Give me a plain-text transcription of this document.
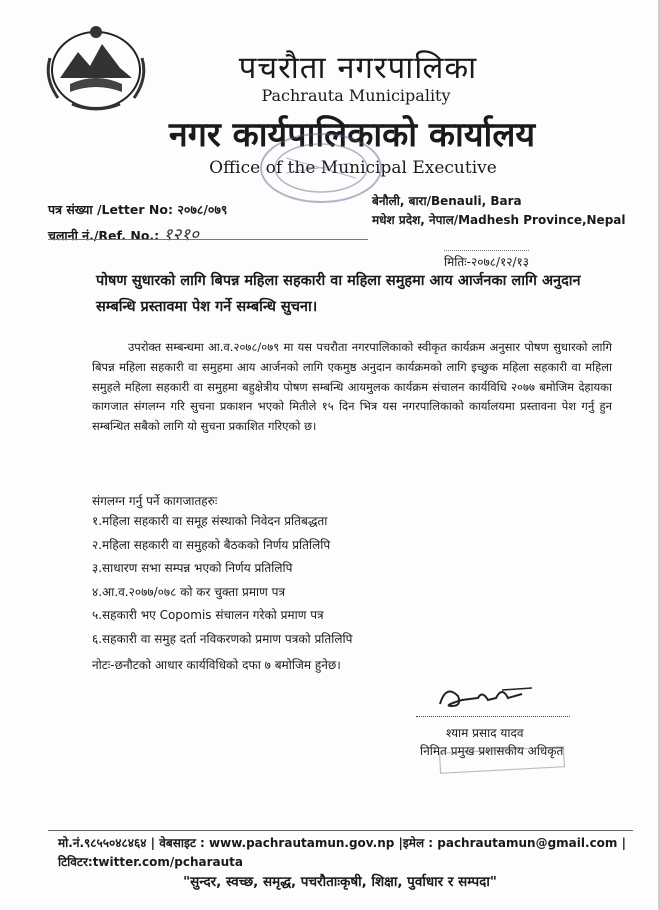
पचरौता नगरपालिका
Pachrauta Municipality
नगर कार्यपालिकाको कार्यालय
Office of the Municipal Executive
पत्र संख्या /Letter No: २०७८/०७९
चलानी नं./Ref. No.: १२१०
बेनौली, बारा/Benauli, Bara
मधेश प्रदेश, नेपाल/Madhesh Province,Nepal
मितिः-२०७८/१२/१३
पोषण सुधारको लागि बिपन्न महिला सहकारी वा महिला समुहमा आय आर्जनका लागि अनुदान सम्बन्धि प्रस्तावमा पेश गर्ने सम्बन्धि सुचना।
उपरोक्त सम्बन्धमा आ.व.२०७८/०७९ मा यस पचरौता नगरपालिकाको स्वीकृत कार्यक्रम अनुसार पोषण सुधारको लागि बिपन्न महिला सहकारी वा समुहमा आय आर्जनको लागि एकमुष्ठ अनुदान कार्यक्रमको लागि इच्छुक महिला सहकारी वा महिला समुहले महिला सहकारी वा समुहमा बहुक्षेत्रीय पोषण सम्बन्धि आयमुलक कार्यक्रम संचालन कार्यविधि २०७७ बमोजिम देहायका कागजात संगलग्न गरि सुचना प्रकाशन भएको मितीले १५ दिन भित्र यस नगरपालिकाको कार्यालयमा प्रस्तावना पेश गर्नु हुन सम्बन्धित सबैको लागि यो सुचना प्रकाशित गरिएको छ।
संगलग्न गर्नु पर्ने कागजातहरुः
१.महिला सहकारी वा समूह संस्थाको निवेदन प्रतिबद्धता
२.महिला सहकारी वा समुहको बैठकको निर्णय प्रतिलिपि
३.साधारण सभा सम्पन्न भएको निर्णय प्रतिलिपि
४.आ.व.२०७७/०७८ को कर चुक्ता प्रमाण पत्र
५.सहकारी भए Copomis संचालन गरेको प्रमाण पत्र
६.सहकारी वा समुह दर्ता नविकरणको प्रमाण पत्रको प्रतिलिपि
नोटः-छनौटको आधार कार्यविधिको दफा ७ बमोजिम हुनेछ।
श्याम प्रसाद यादव
निमित प्रमुख प्रशासकीय अधिकृत
मो.नं.९८५५०४८४६४ | वेबसाइट : www.pachrautamun.gov.np |इमेल : pachrautamun@gmail.com |
टिविटर:twitter.com/pcharauta
"सुन्दर, स्वच्छ, समृद्ध, पचरौताःकृषी, शिक्षा, पुर्वाधार र सम्पदा"
